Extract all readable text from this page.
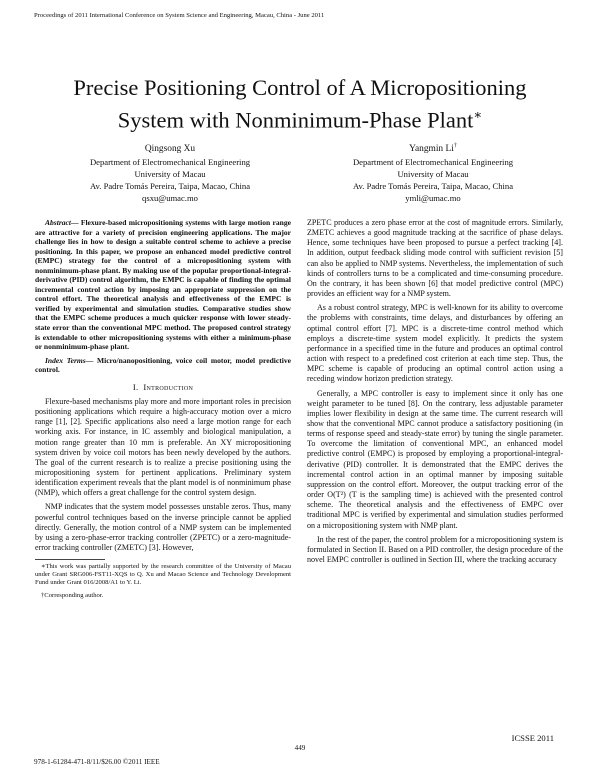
Proceedings of 2011 International Conference on System Science and Engineering, Macau, China - June 2011
Precise Positioning Control of A Micropositioning
System with Nonminimum-Phase Plant∗
Qingsong Xu
Department of Electromechanical Engineering
University of Macau
Av. Padre Tomás Pereira, Taipa, Macao, China
qsxu@umac.mo
Yangmin Li†
Department of Electromechanical Engineering
University of Macau
Av. Padre Tomás Pereira, Taipa, Macao, China
ymli@umac.mo

Abstract— Flexure-based micropositioning systems with large motion range are attractive for a variety of precision engineering applications. The major challenge lies in how to design a suitable control scheme to achieve a precise positioning. In this paper, we propose an enhanced model predictive control (EMPC) strategy for the control of a micropositioning system with nonminimum-phase plant. By making use of the popular proportional-integral-derivative (PID) control algorithm, the EMPC is capable of finding the optimal incremental control action by imposing an appropriate suppression on the control effort. The theoretical analysis and effectiveness of the EMPC is verified by experimental and simulation studies. Comparative studies show that the EMPC scheme produces a much quicker response with lower steady-state error than the conventional MPC method. The proposed control strategy is extendable to other micropositioning systems with either a minimum-phase or nonminimum-phase plant.

Index Terms— Micro/nanopositioning, voice coil motor, model predictive control.

I. Introduction

Flexure-based mechanisms play more and more important roles in precision positioning applications which require a high-accuracy motion over a micro range [1], [2]. Specific applications also need a large motion range for each working axis. For instance, in IC assembly and biological manipulation, a motion range greater than 10 mm is preferable. An XY micropositioning system driven by voice coil motors has been newly developed by the authors. The goal of the current research is to realize a precise positioning using the micropositioning system for pertinent applications. Preliminary system identification experiment reveals that the plant model is of nonminimum phase (NMP), which offers a great challenge for the control system design.

NMP indicates that the system model possesses unstable zeros. Thus, many powerful control techniques based on the inverse principle cannot be applied directly. Generally, the motion control of a NMP system can be implemented by using a zero-phase-error tracking controller (ZPETC) or a zero-magnitude-error tracking controller (ZMETC) [3]. However,

∗This work was partially supported by the research committee of the University of Macau under Grant SRG006-FST11-XQS to Q. Xu and Macao Science and Technology Development Fund under Grant 016/2008/A1 to Y. Li.

†Corresponding author.

ZPETC produces a zero phase error at the cost of magnitude errors. Similarly, ZMETC achieves a good magnitude tracking at the sacrifice of phase delays. Hence, some techniques have been proposed to pursue a perfect tracking [4]. In addition, output feedback sliding mode control with sufficient revision [5] can also be applied to NMP systems. Nevertheless, the implementation of such kinds of controllers turns to be a complicated and time-consuming procedure. On the contrary, it has been shown [6] that model predictive control (MPC) provides an efficient way for a NMP system.

As a robust control strategy, MPC is well-known for its ability to overcome the problems with constraints, time delays, and disturbances by offering an optimal control effort [7]. MPC is a discrete-time control method which employs a discrete-time system model explicitly. It predicts the system performance in a specified time in the future and produces an optimal control action with respect to a predefined cost criterion at each time step. Thus, the MPC scheme is capable of producing an optimal control action using a receding window horizon prediction strategy.

Generally, a MPC controller is easy to implement since it only has one weight parameter to be tuned [8]. On the contrary, less adjustable parameter implies lower flexibility in design at the same time. The current research will show that the conventional MPC cannot produce a satisfactory positioning (in terms of response speed and steady-state error) by tuning the single parameter. To overcome the limitation of conventional MPC, an enhanced model predictive control (EMPC) is proposed by employing a proportional-integral-derivative (PID) controller. It is demonstrated that the EMPC derives the incremental control action in an optimal manner by imposing suitable suppression on the control effort. Moreover, the output tracking error of the order O(T²) (T is the sampling time) is achieved with the presented control scheme. The theoretical analysis and the effectiveness of EMPC over traditional MPC is verified by experimental and simulation studies performed on a micropositioning system with NMP plant.

In the rest of the paper, the control problem for a micropositioning system is formulated in Section II. Based on a PID controller, the design procedure of the novel EMPC controller is outlined in Section III, where the tracking accuracy

ICSSE 2011
449
978-1-61284-471-8/11/$26.00 ©2011 IEEE
